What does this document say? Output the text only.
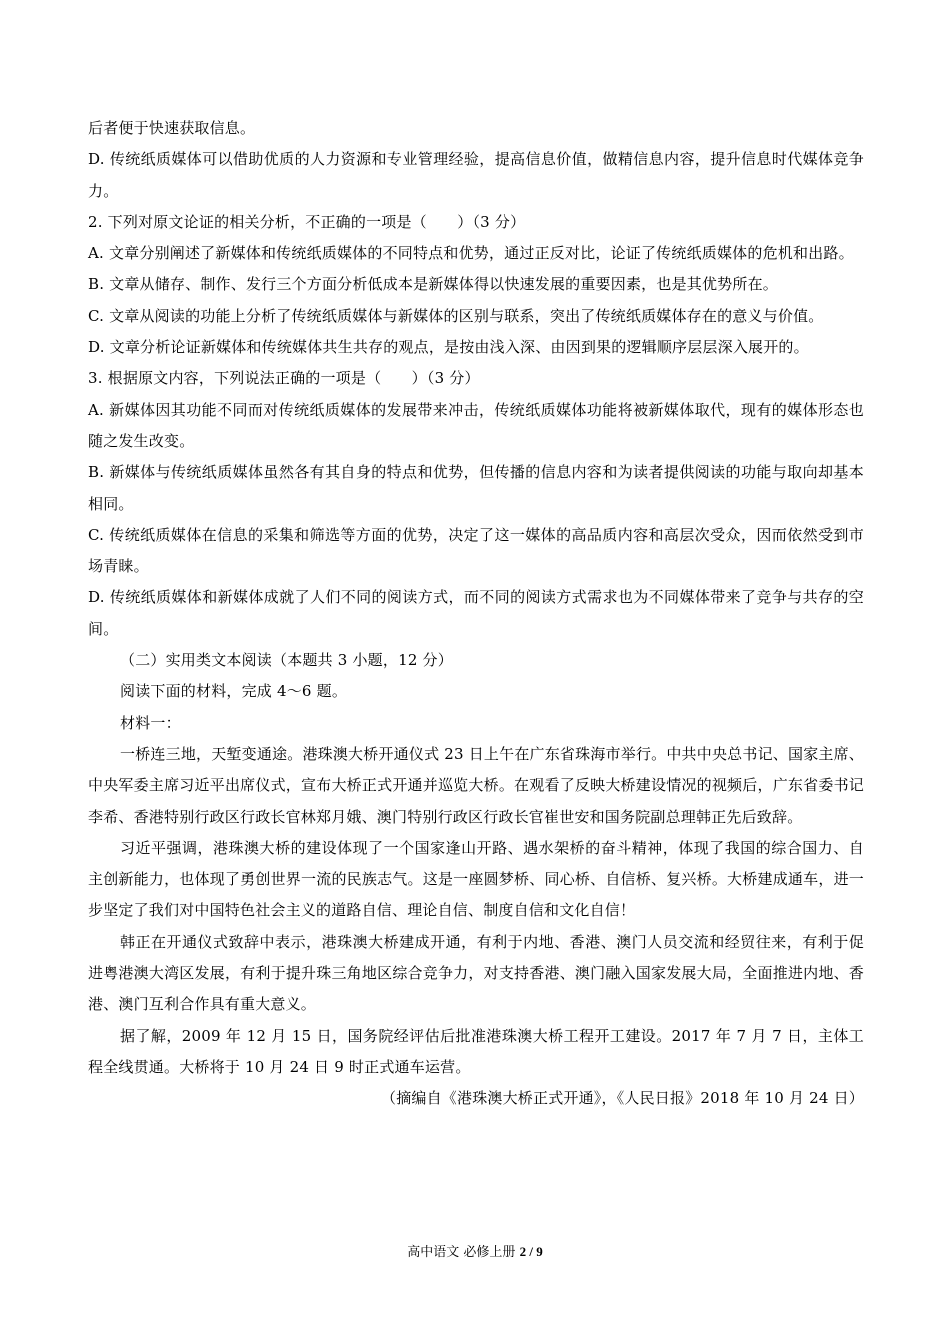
后者便于快速获取信息。

D. 传统纸质媒体可以借助优质的人力资源和专业管理经验，提高信息价值，做精信息内容，提升信息时代媒体竞争力。

2. 下列对原文论证的相关分析，不正确的一项是（　　）（3 分）

A. 文章分别阐述了新媒体和传统纸质媒体的不同特点和优势，通过正反对比，论证了传统纸质媒体的危机和出路。

B. 文章从储存、制作、发行三个方面分析低成本是新媒体得以快速发展的重要因素，也是其优势所在。

C. 文章从阅读的功能上分析了传统纸质媒体与新媒体的区别与联系，突出了传统纸质媒体存在的意义与价值。

D. 文章分析论证新媒体和传统媒体共生共存的观点，是按由浅入深、由因到果的逻辑顺序层层深入展开的。

3. 根据原文内容，下列说法正确的一项是（　　）（3 分）

A. 新媒体因其功能不同而对传统纸质媒体的发展带来冲击，传统纸质媒体功能将被新媒体取代，现有的媒体形态也随之发生改变。

B. 新媒体与传统纸质媒体虽然各有其自身的特点和优势，但传播的信息内容和为读者提供阅读的功能与取向却基本相同。

C. 传统纸质媒体在信息的采集和筛选等方面的优势，决定了这一媒体的高品质内容和高层次受众，因而依然受到市场青睐。

D. 传统纸质媒体和新媒体成就了人们不同的阅读方式，而不同的阅读方式需求也为不同媒体带来了竞争与共存的空间。

（二）实用类文本阅读（本题共 3 小题，12 分）

阅读下面的材料，完成 4～6 题。

材料一：

一桥连三地，天堑变通途。港珠澳大桥开通仪式 23 日上午在广东省珠海市举行。中共中央总书记、国家主席、中央军委主席习近平出席仪式，宣布大桥正式开通并巡览大桥。在观看了反映大桥建设情况的视频后，广东省委书记李希、香港特别行政区行政长官林郑月娥、澳门特别行政区行政长官崔世安和国务院副总理韩正先后致辞。

习近平强调，港珠澳大桥的建设体现了一个国家逢山开路、遇水架桥的奋斗精神，体现了我国的综合国力、自主创新能力，也体现了勇创世界一流的民族志气。这是一座圆梦桥、同心桥、自信桥、复兴桥。大桥建成通车，进一步坚定了我们对中国特色社会主义的道路自信、理论自信、制度自信和文化自信！

韩正在开通仪式致辞中表示，港珠澳大桥建成开通，有利于内地、香港、澳门人员交流和经贸往来，有利于促进粤港澳大湾区发展，有利于提升珠三角地区综合竞争力，对支持香港、澳门融入国家发展大局，全面推进内地、香港、澳门互利合作具有重大意义。

据了解，2009 年 12 月 15 日，国务院经评估后批准港珠澳大桥工程开工建设。2017 年 7 月 7 日，主体工程全线贯通。大桥将于 10 月 24 日 9 时正式通车运营。

（摘编自《港珠澳大桥正式开通》，《人民日报》2018 年 10 月 24 日）

高中语文 必修上册 2 / 9
